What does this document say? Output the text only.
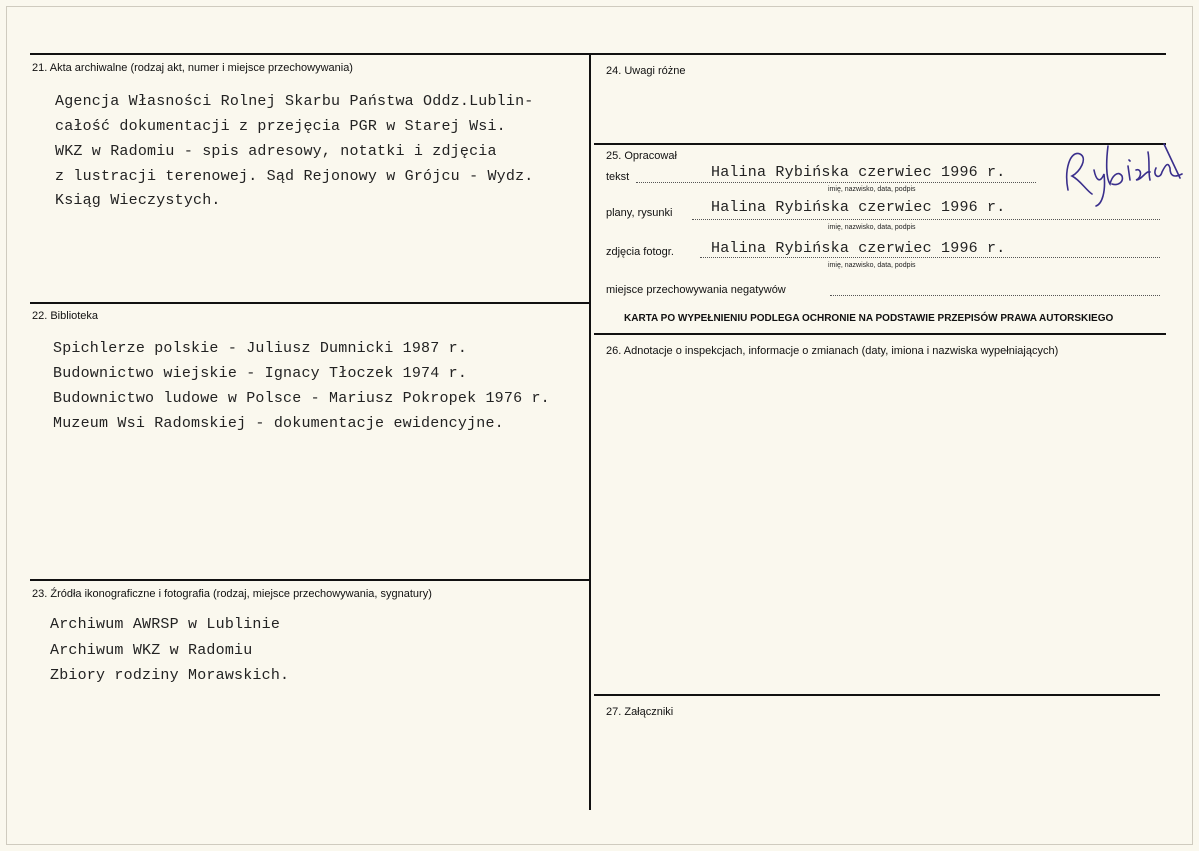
21. Akta archiwalne (rodzaj akt, numer i miejsce przechowywania)
Agencja Własności Rolnej Skarbu Państwa Oddz.Lublin-
całość dokumentacji z przejęcia PGR w Starej Wsi.
WKZ w Radomiu - spis adresowy, notatki i zdjęcia
z lustracji terenowej. Sąd Rejonowy w Grójcu - Wydz.
Ksiąg Wieczystych.
22. Biblioteka
Spichlerze polskie - Juliusz Dumnicki 1987 r.
Budownictwo wiejskie - Ignacy Tłoczek 1974 r.
Budownictwo ludowe w Polsce - Mariusz Pokropek 1976 r.
Muzeum Wsi Radomskiej - dokumentacje ewidencyjne.
23. Źródła ikonograficzne i fotografia (rodzaj, miejsce przechowywania, sygnatury)
Archiwum AWRSP w Lublinie
Archiwum WKZ w Radomiu
Zbiory rodziny Morawskich.
24. Uwagi różne
25. Opracował
tekst	Halina Rybińska czerwiec 1996 r.
imię, nazwisko, data, podpis
plany, rysunki	Halina Rybińska czerwiec 1996 r.
imię, nazwisko, data, podpis
zdjęcia fotogr. Halina Rybińska czerwiec 1996 r.
imię, nazwisko, data, podpis
miejsce przechowywania negatywów
KARTA PO WYPEŁNIENIU PODLEGA OCHRONIE NA PODSTAWIE PRZEPISÓW PRAWA AUTORSKIEGO
26. Adnotacje o inspekcjach, informacje o zmianach (daty, imiona i nazwiska wypełniających)
27. Załączniki
